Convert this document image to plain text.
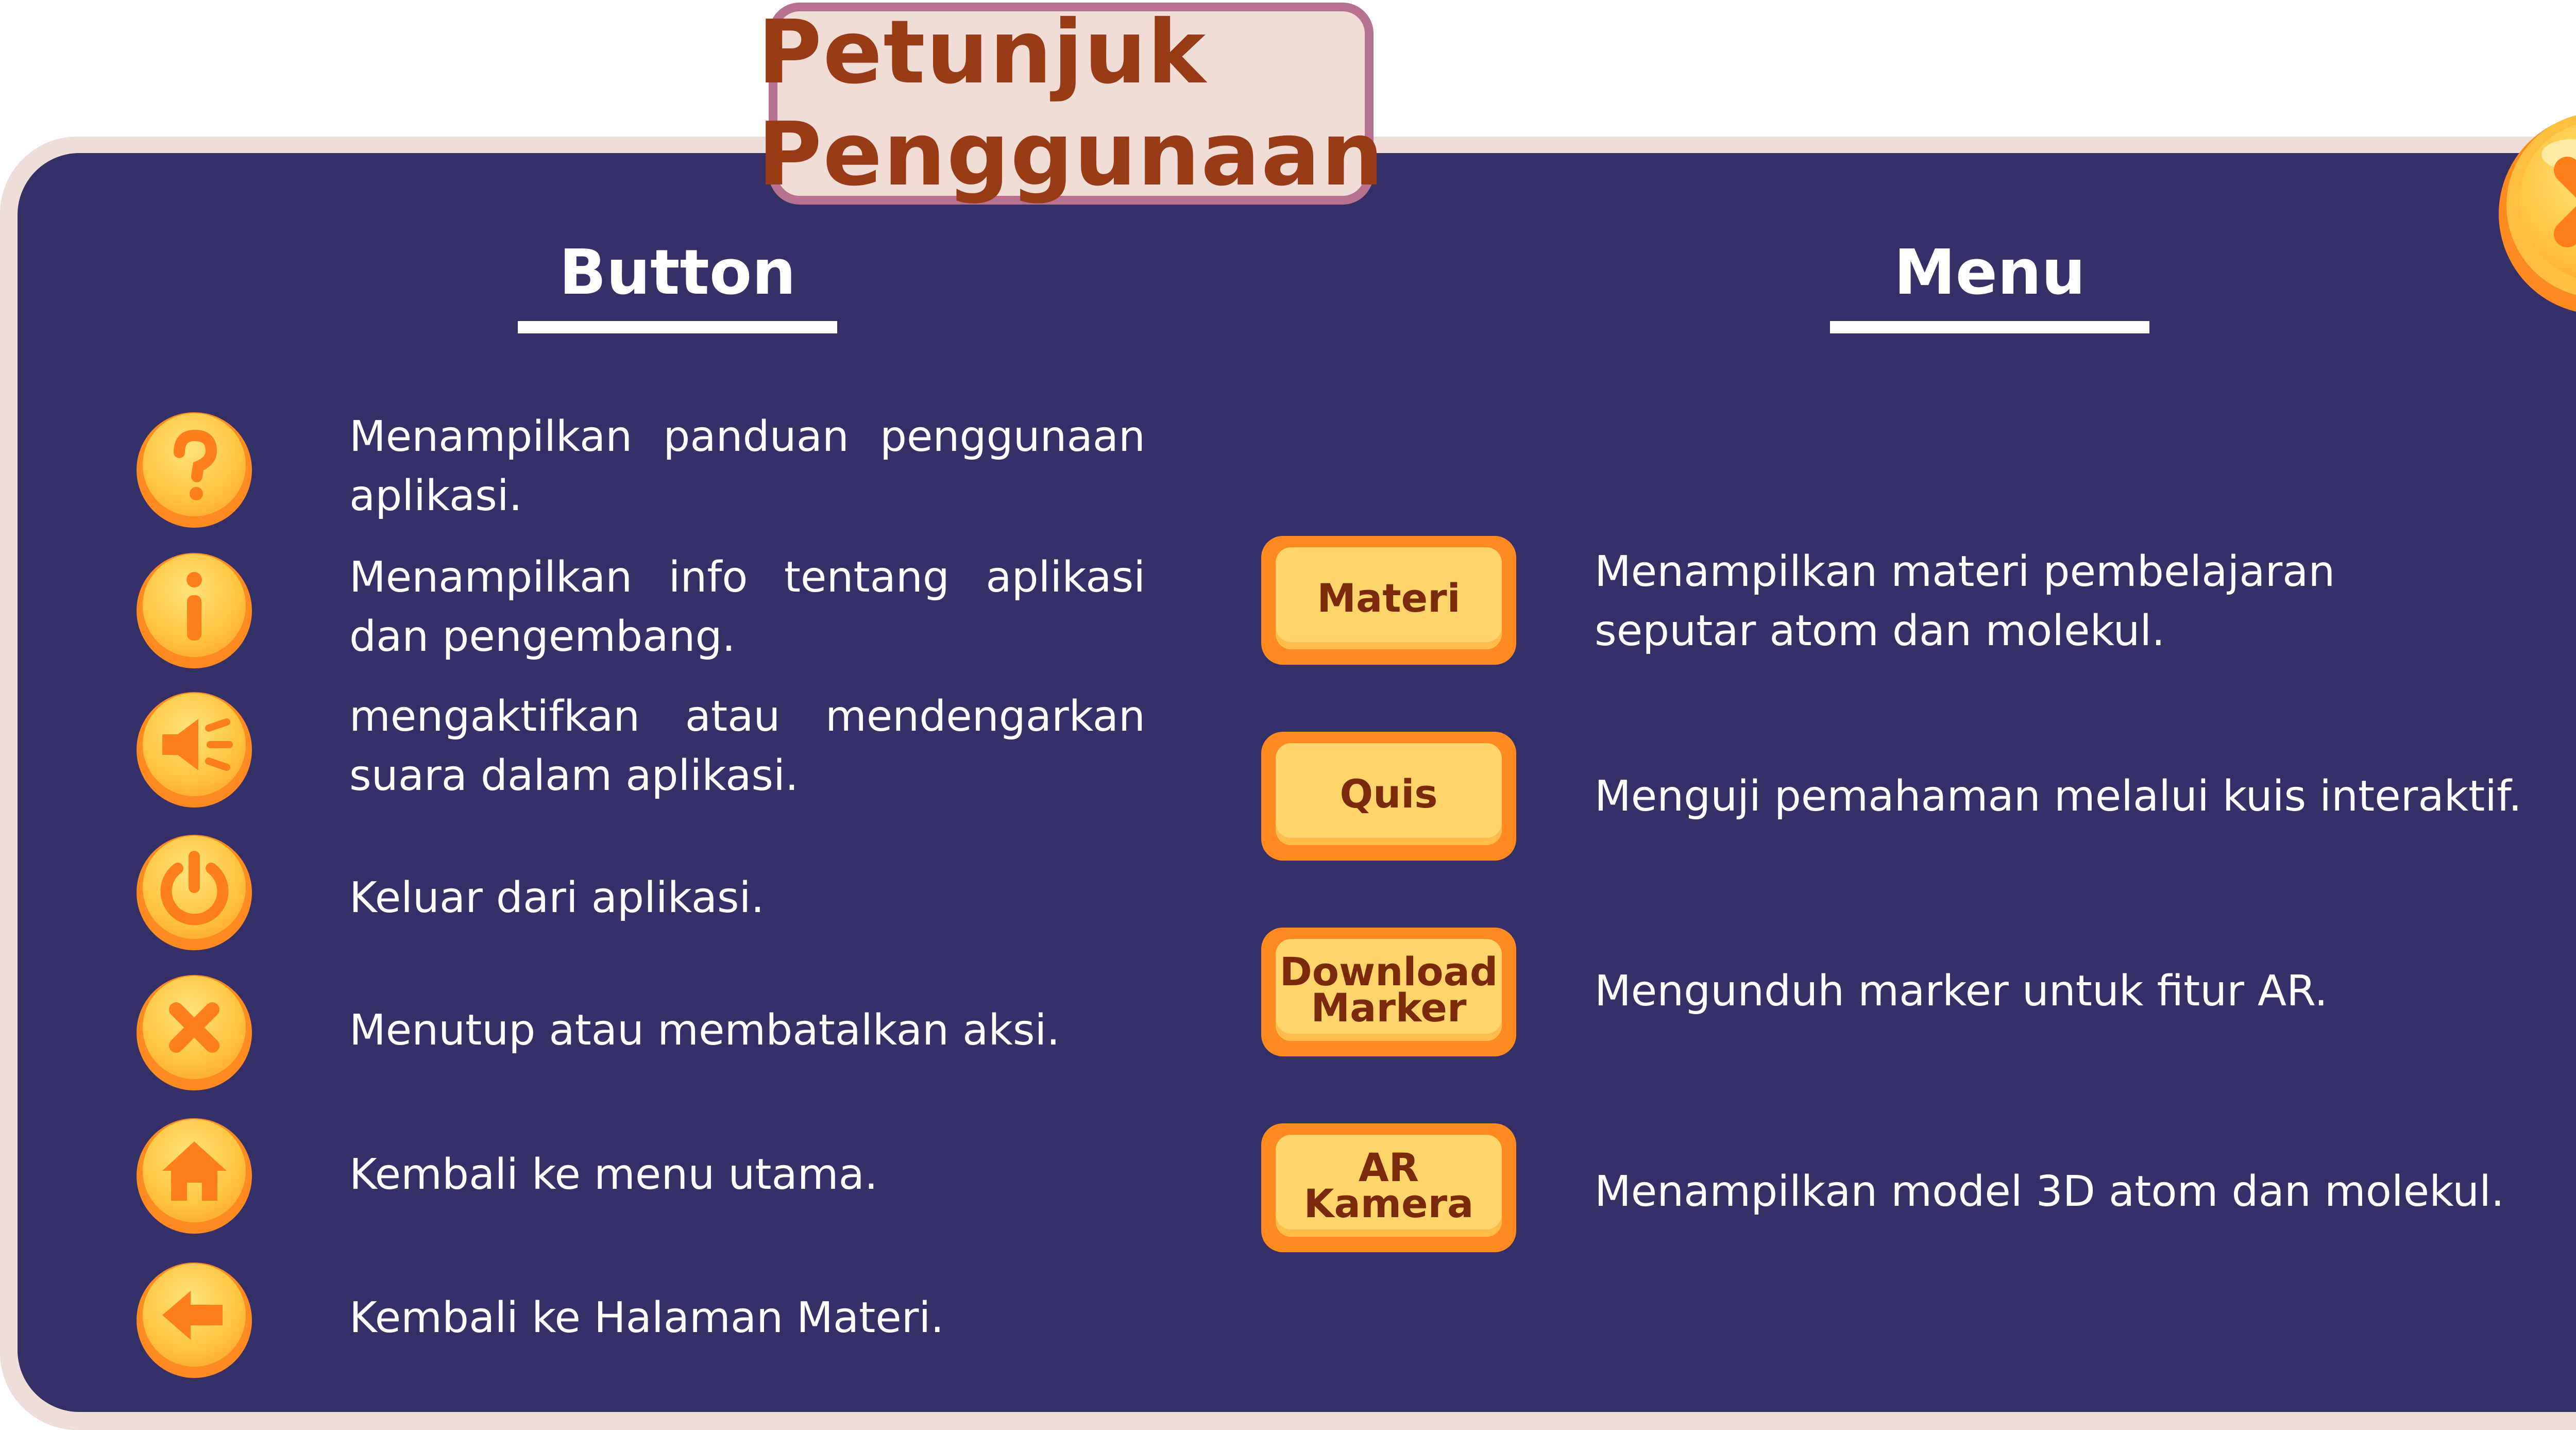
Petunjuk Penggunaan
Button	Menu
Menampilkan panduan penggunaan aplikasi.
Menampilkan info tentang aplikasi dan pengembang.
mengaktifkan atau mendengarkan suara dalam aplikasi.
Keluar dari aplikasi.
Menutup atau membatalkan aksi.
Kembali ke menu utama.
Kembali ke Halaman Materi.
Materi
Quis
Download
Marker
AR Kamera
Menampilkan materi pembelajaran seputar atom dan molekul.
Menguji pemahaman melalui kuis interaktif.
Mengunduh marker untuk fitur AR.
Menampilkan model 3D atom dan molekul.
